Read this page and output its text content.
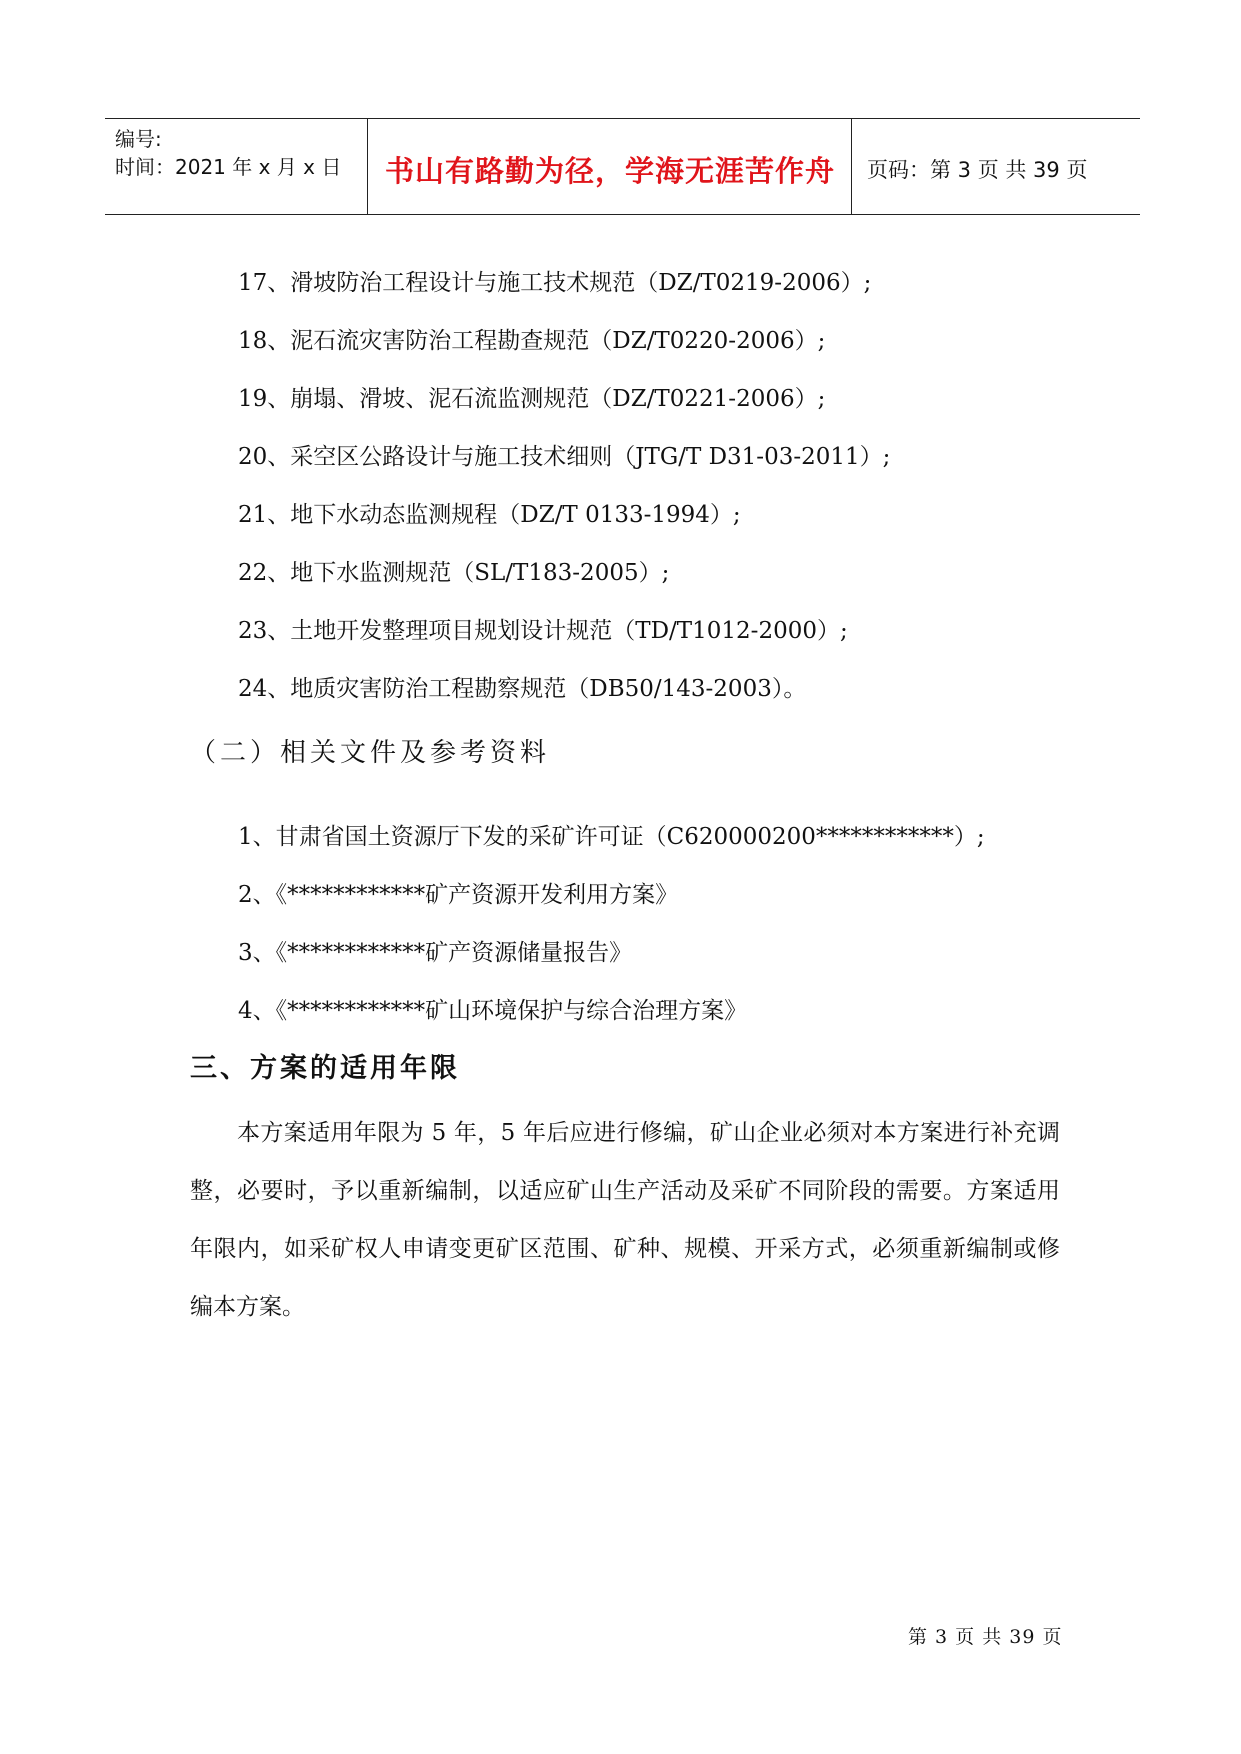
编号:
时间：2021 年 x 月 x 日	书山有路勤为径，学海无涯苦作舟	页码：第 3 页 共 39 页
17、滑坡防治工程设计与施工技术规范（DZ/T0219-2006）;
18、泥石流灾害防治工程勘查规范（DZ/T0220-2006）;
19、崩塌、滑坡、泥石流监测规范（DZ/T0221-2006）;
20、采空区公路设计与施工技术细则（JTG/T D31-03-2011）;
21、地下水动态监测规程（DZ/T 0133-1994）;
22、地下水监测规范（SL/T183-2005）;
23、土地开发整理项目规划设计规范（TD/T1012-2000）;
24、地质灾害防治工程勘察规范（DB50/143-2003）。
（二）相关文件及参考资料
1、甘肃省国土资源厅下发的采矿许可证（C620000200************）;
2、《************矿产资源开发利用方案》
3、《************矿产资源储量报告》
4、《************矿山环境保护与综合治理方案》
三、方案的适用年限
本方案适用年限为 5 年，5 年后应进行修编，矿山企业必须对本方案进行补充调整，必要时，予以重新编制，以适应矿山生产活动及采矿不同阶段的需要。方案适用年限内，如采矿权人申请变更矿区范围、矿种、规模、开采方式，必须重新编制或修编本方案。
第 3 页 共 39 页
